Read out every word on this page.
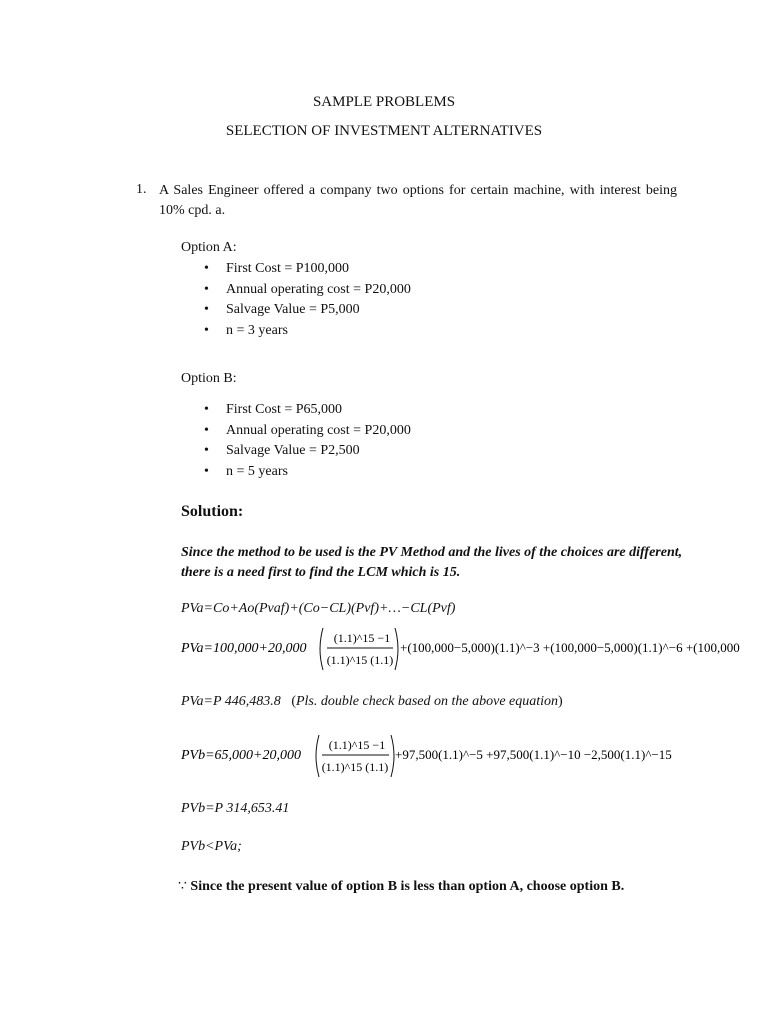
SAMPLE PROBLEMS
SELECTION OF INVESTMENT ALTERNATIVES
1. A Sales Engineer offered a company two options for certain machine, with interest being 10% cpd. a.
Option A:
• First Cost = P100,000
• Annual operating cost = P20,000
• Salvage Value = P5,000
• n = 3 years
Option B:
• First Cost = P65,000
• Annual operating cost = P20,000
• Salvage Value = P2,500
• n = 5 years
Solution:
Since the method to be used is the PV Method and the lives of the choices are different, there is a need first to find the LCM which is 15.
PVa=Co+Ao(Pvaf)+(Co−CL)(Pvf)+…−CL(Pvf)
PVa=100,000+20,000
(1.1)^15 −1
(1.1)^15 (1.1)
+(100,000−5,000)(1.1)^−3 +(100,000−5,000)(1.1)^−6 +(100,000
PVa=P 446,483.8   (Pls. double check based on the above equation)
PVb=65,000+20,000
(1.1)^15 −1
(1.1)^15 (1.1)
+97,500(1.1)^−5 +97,500(1.1)^−10 −2,500(1.1)^−15
PVb=P 314,653.41
PVb<PVa;
∵ Since the present value of option B is less than option A, choose option B.
